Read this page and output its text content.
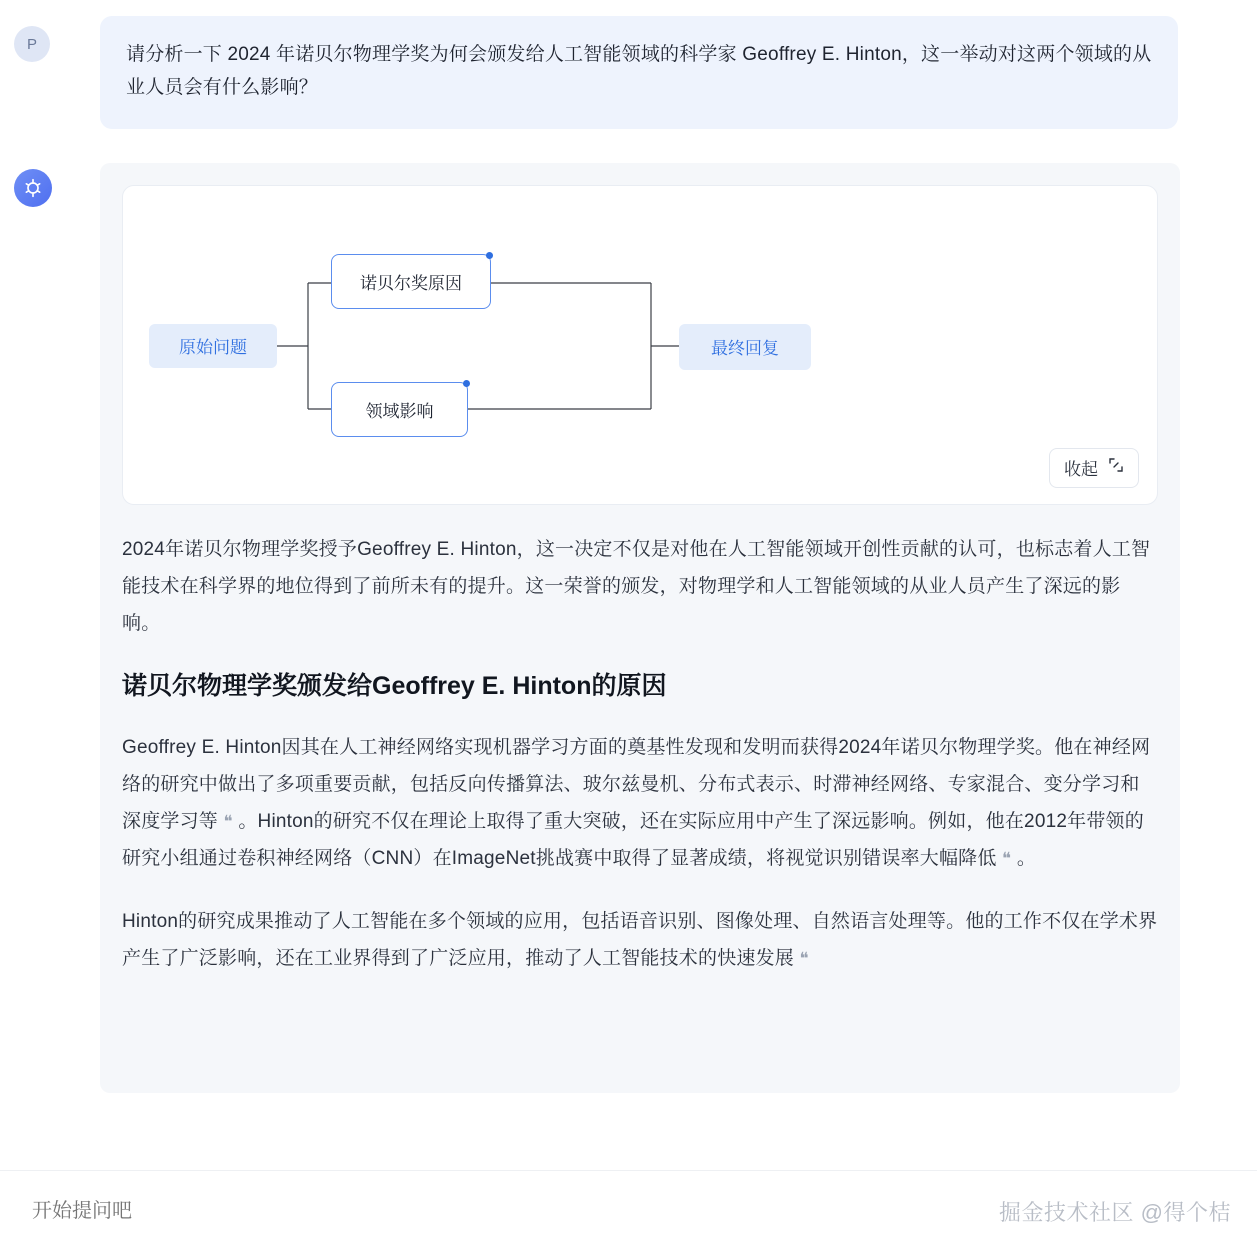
P	请分析一下 2024 年诺贝尔物理学奖为何会颁发给人工智能领域的科学家 Geoffrey E. Hinton，这一举动对这两个领域的从业人员会有什么影响？
原始问题
诺贝尔奖原因
领域影响
最终回复
收起

2024年诺贝尔物理学奖授予Geoffrey E. Hinton，这一决定不仅是对他在人工智能领域开创性贡献的认可，也标志着人工智能技术在科学界的地位得到了前所未有的提升。这一荣誉的颁发，对物理学和人工智能领域的从业人员产生了深远的影响。

诺贝尔物理学奖颁发给Geoffrey E. Hinton的原因

Geoffrey E. Hinton因其在人工神经网络实现机器学习方面的奠基性发现和发明而获得2024年诺贝尔物理学奖。他在神经网络的研究中做出了多项重要贡献，包括反向传播算法、玻尔兹曼机、分布式表示、时滞神经网络、专家混合、变分学习和深度学习等 ❝ 。Hinton的研究不仅在理论上取得了重大突破，还在实际应用中产生了深远影响。例如，他在2012年带领的研究小组通过卷积神经网络（CNN）在ImageNet挑战赛中取得了显著成绩，将视觉识别错误率大幅降低 ❝ 。

Hinton的研究成果推动了人工智能在多个领域的应用，包括语音识别、图像处理、自然语言处理等。他的工作不仅在学术界产生了广泛影响，还在工业界得到了广泛应用，推动了人工智能技术的快速发展 ❝

开始提问吧
掘金技术社区 @得个桔
